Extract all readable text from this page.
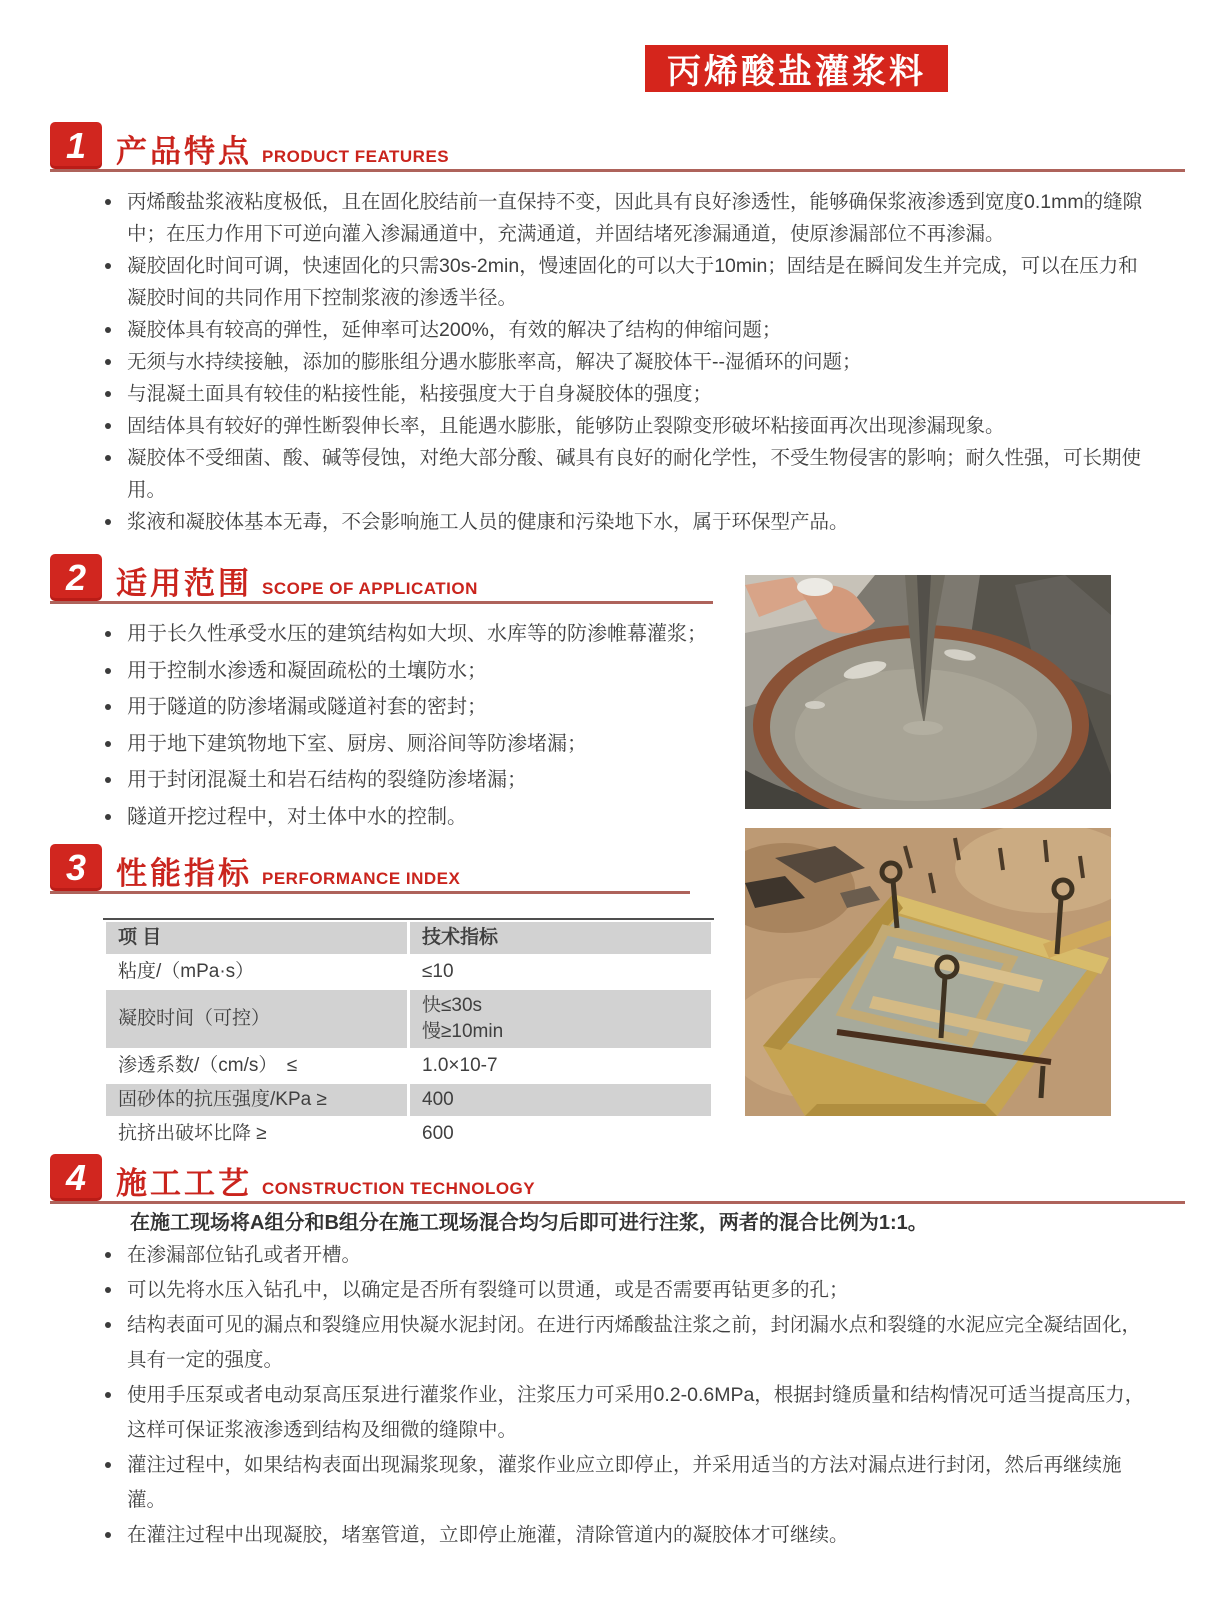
丙烯酸盐灌浆料
1 产品特点 PRODUCT FEATURES
丙烯酸盐浆液粘度极低，且在固化胶结前一直保持不变，因此具有良好渗透性，能够确保浆液渗透到宽度0.1mm的缝隙中；在压力作用下可逆向灌入渗漏通道中，充满通道，并固结堵死渗漏通道，使原渗漏部位不再渗漏。
凝胶固化时间可调，快速固化的只需30s-2min，慢速固化的可以大于10min；固结是在瞬间发生并完成，可以在压力和凝胶时间的共同作用下控制浆液的渗透半径。
凝胶体具有较高的弹性，延伸率可达200%，有效的解决了结构的伸缩问题；
无须与水持续接触，添加的膨胀组分遇水膨胀率高，解决了凝胶体干--湿循环的问题；
与混凝土面具有较佳的粘接性能，粘接强度大于自身凝胶体的强度；
固结体具有较好的弹性断裂伸长率，且能遇水膨胀，能够防止裂隙变形破坏粘接面再次出现渗漏现象。
凝胶体不受细菌、酸、碱等侵蚀，对绝大部分酸、碱具有良好的耐化学性，不受生物侵害的影响；耐久性强，可长期使用。
浆液和凝胶体基本无毒，不会影响施工人员的健康和污染地下水，属于环保型产品。
2 适用范围 SCOPE OF APPLICATION
用于长久性承受水压的建筑结构如大坝、水库等的防渗帷幕灌浆；
用于控制水渗透和凝固疏松的土壤防水；
用于隧道的防渗堵漏或隧道衬套的密封；
用于地下建筑物地下室、厨房、厕浴间等防渗堵漏；
用于封闭混凝土和岩石结构的裂缝防渗堵漏；
隧道开挖过程中，对土体中水的控制。
3 性能指标 PERFORMANCE INDEX
项 目	技术指标
粘度/（mPa·s）	≤10
凝胶时间（可控）	快≤30s
慢≥10min

渗透系数/（cm/s）　≤	1.0×10-7
固砂体的抗压强度/KPa ≥	400
抗挤出破坏比降 ≥	600
4 施工工艺 CONSTRUCTION TECHNOLOGY
在施工现场将A组分和B组分在施工现场混合均匀后即可进行注浆，两者的混合比例为1:1。
在渗漏部位钻孔或者开槽。
可以先将水压入钻孔中，以确定是否所有裂缝可以贯通，或是否需要再钻更多的孔；
结构表面可见的漏点和裂缝应用快凝水泥封闭。在进行丙烯酸盐注浆之前，封闭漏水点和裂缝的水泥应完全凝结固化，具有一定的强度。
使用手压泵或者电动泵高压泵进行灌浆作业，注浆压力可采用0.2-0.6MPa，根据封缝质量和结构情况可适当提高压力，这样可保证浆液渗透到结构及细微的缝隙中。
灌注过程中，如果结构表面出现漏浆现象，灌浆作业应立即停止，并采用适当的方法对漏点进行封闭，然后再继续施灌。
在灌注过程中出现凝胶，堵塞管道，立即停止施灌，清除管道内的凝胶体才可继续。
